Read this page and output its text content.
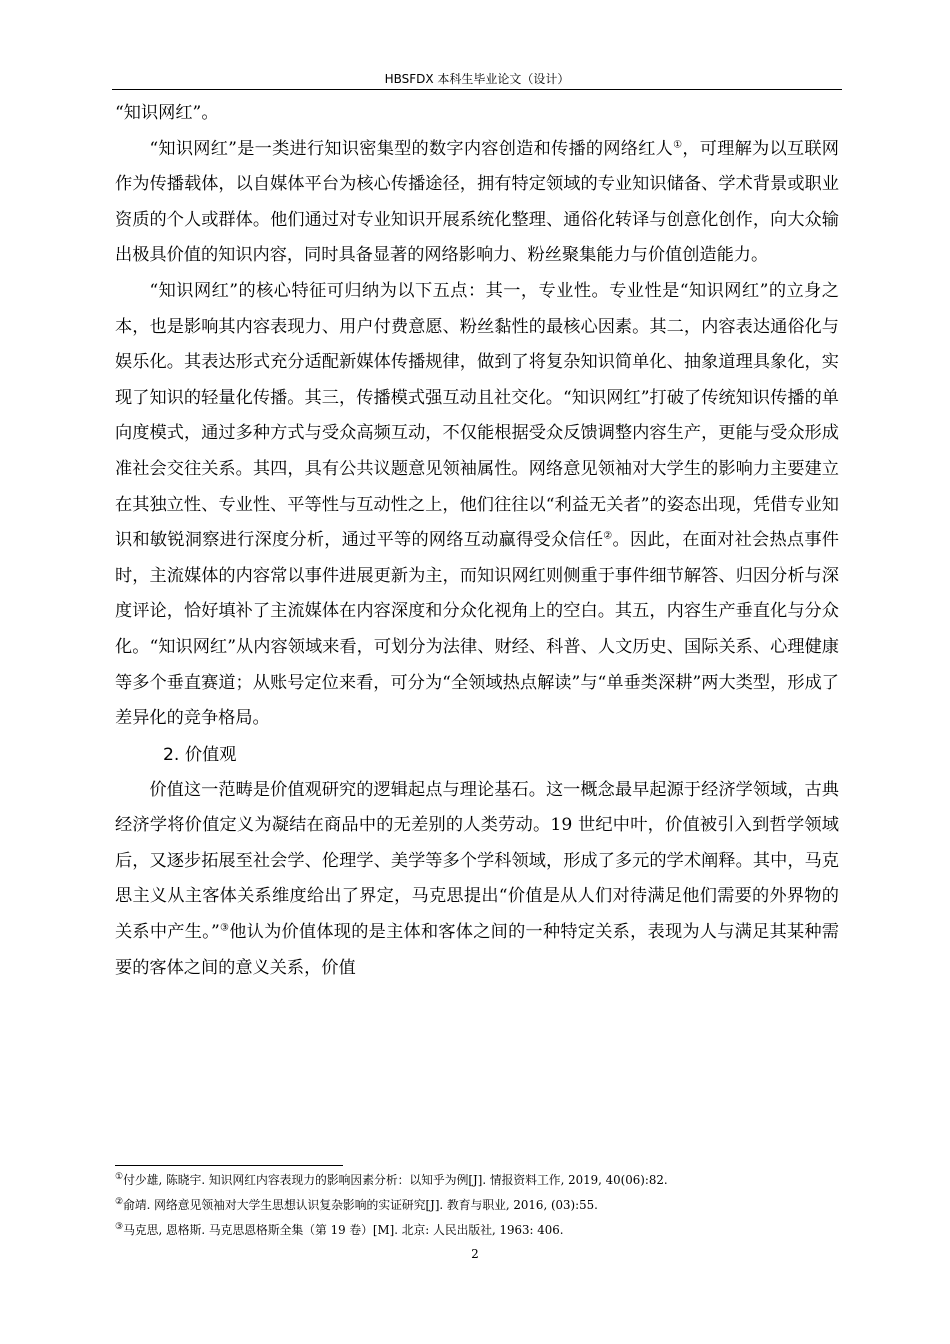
HBSFDX 本科生毕业论文（设计）

“知识网红”。

“知识网红”是一类进行知识密集型的数字内容创造和传播的网络红人①，可理解为以互联网作为传播载体，以自媒体平台为核心传播途径，拥有特定领域的专业知识储备、学术背景或职业资质的个人或群体。他们通过对专业知识开展系统化整理、通俗化转译与创意化创作，向大众输出极具价值的知识内容，同时具备显著的网络影响力、粉丝聚集能力与价值创造能力。

“知识网红”的核心特征可归纳为以下五点：其一，专业性。专业性是“知识网红”的立身之本，也是影响其内容表现力、用户付费意愿、粉丝黏性的最核心因素。其二，内容表达通俗化与娱乐化。其表达形式充分适配新媒体传播规律，做到了将复杂知识简单化、抽象道理具象化，实现了知识的轻量化传播。其三，传播模式强互动且社交化。“知识网红”打破了传统知识传播的单向度模式，通过多种方式与受众高频互动，不仅能根据受众反馈调整内容生产，更能与受众形成准社会交往关系。其四，具有公共议题意见领袖属性。网络意见领袖对大学生的影响力主要建立在其独立性、专业性、平等性与互动性之上，他们往往以“利益无关者”的姿态出现，凭借专业知识和敏锐洞察进行深度分析，通过平等的网络互动赢得受众信任②。因此，在面对社会热点事件时，主流媒体的内容常以事件进展更新为主，而知识网红则侧重于事件细节解答、归因分析与深度评论，恰好填补了主流媒体在内容深度和分众化视角上的空白。其五，内容生产垂直化与分众化。“知识网红”从内容领域来看，可划分为法律、财经、科普、人文历史、国际关系、心理健康等多个垂直赛道；从账号定位来看，可分为“全领域热点解读”与“单垂类深耕”两大类型，形成了差异化的竞争格局。

2. 价值观

价值这一范畴是价值观研究的逻辑起点与理论基石。这一概念最早起源于经济学领域，古典经济学将价值定义为凝结在商品中的无差别的人类劳动。19 世纪中叶，价值被引入到哲学领域后，又逐步拓展至社会学、伦理学、美学等多个学科领域，形成了多元的学术阐释。其中，马克思主义从主客体关系维度给出了界定，马克思提出“价值是从人们对待满足他们需要的外界物的关系中产生。”③他认为价值体现的是主体和客体之间的一种特定关系，表现为人与满足其某种需要的客体之间的意义关系，价值

①付少雄, 陈晓宇. 知识网红内容表现力的影响因素分析：以知乎为例[J]. 情报资料工作, 2019, 40(06):82.

②俞靖. 网络意见领袖对大学生思想认识复杂影响的实证研究[J]. 教育与职业, 2016, (03):55.

③马克思, 恩格斯. 马克思恩格斯全集（第 19 卷）[M]. 北京: 人民出版社, 1963: 406.

2
